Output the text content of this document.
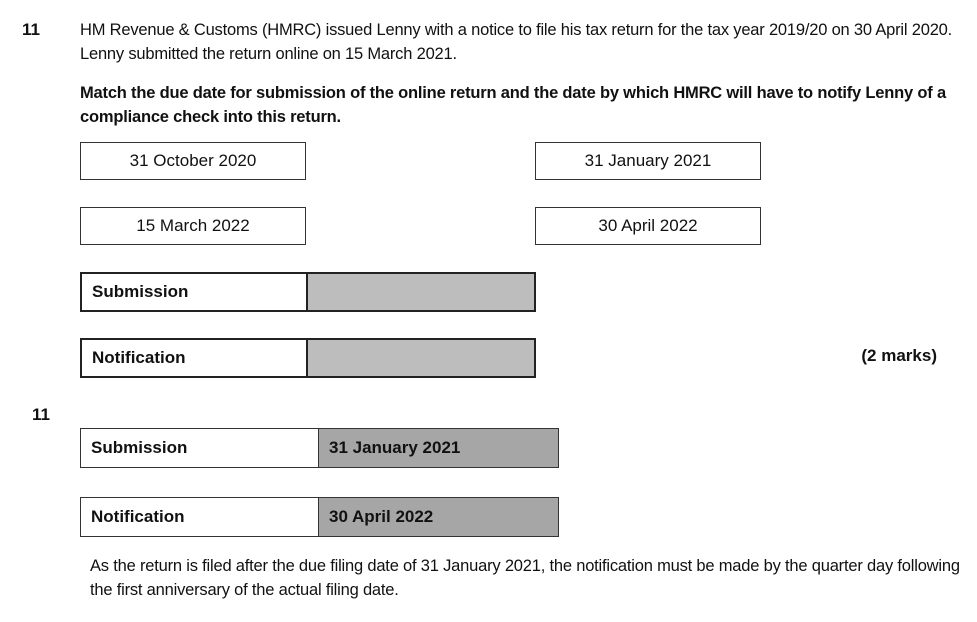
11 HM Revenue & Customs (HMRC) issued Lenny with a notice to file his tax return for the tax year 2019/20 on 30 April 2020. Lenny submitted the return online on 15 March 2021.
Match the due date for submission of the online return and the date by which HMRC will have to notify Lenny of a compliance check into this return.
31 October 2020	31 January 2021
15 March 2022	30 April 2022
Submission
Notification	(2 marks)
11
Submission	31 January 2021
Notification	30 April 2022
As the return is filed after the due filing date of 31 January 2021, the notification must be made by the quarter day following the first anniversary of the actual filing date.
